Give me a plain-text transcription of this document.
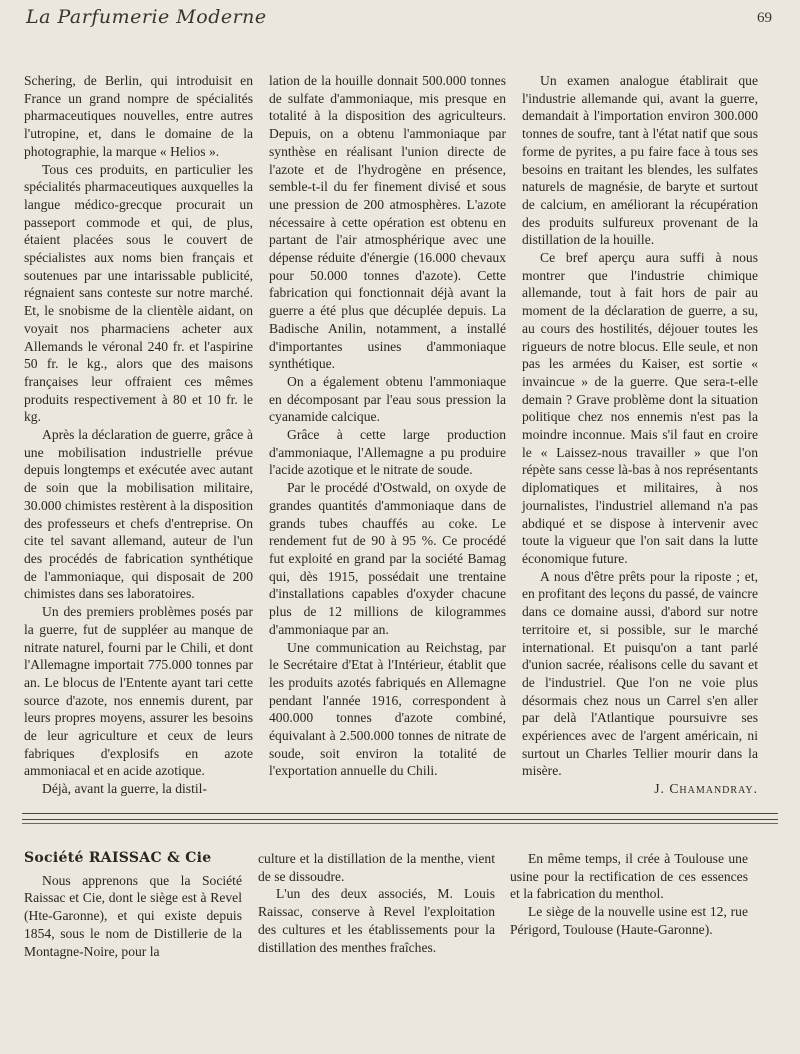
La Parfumerie Moderne	69

Schering, de Berlin, qui introduisit en France un grand nompre de spécialités pharmaceutiques nouvelles, entre autres l'utropine, et, dans le domaine de la photographie, la marque « Helios ».

Tous ces produits, en particulier les spécialités pharmaceutiques auxquelles la langue médico-grecque procurait un passeport commode et qui, de plus, étaient placées sous le couvert de spécialistes aux noms bien français et soutenues par une intarissable publicité, régnaient sans conteste sur notre marché. Et, le snobisme de la clientèle aidant, on voyait nos pharmaciens acheter aux Allemands le véronal 240 fr. et l'aspirine 50 fr. le kg., alors que des maisons françaises leur offraient ces mêmes produits respectivement à 80 et 10 fr. le kg.

Après la déclaration de guerre, grâce à une mobilisation industrielle prévue depuis longtemps et exécutée avec autant de soin que la mobilisation militaire, 30.000 chimistes restèrent à la disposition des professeurs et chefs d'entreprise. On cite tel savant allemand, auteur de l'un des procédés de fabrication synthétique de l'ammoniaque, qui disposait de 200 chimistes dans ses laboratoires.

Un des premiers problèmes posés par la guerre, fut de suppléer au manque de nitrate naturel, fourni par le Chili, et dont l'Allemagne importait 775.000 tonnes par an. Le blocus de l'Entente ayant tari cette source d'azote, nos ennemis durent, par leurs propres moyens, assurer les besoins de leur agriculture et ceux de leurs fabriques d'explosifs en azote ammoniacal et en acide azotique.

Déjà, avant la guerre, la distil-

lation de la houille donnait 500.000 tonnes de sulfate d'ammoniaque, mis presque en totalité à la disposition des agriculteurs. Depuis, on a obtenu l'ammoniaque par synthèse en réalisant l'union directe de l'azote et de l'hydrogène en présence, semble-t-il du fer finement divisé et sous une pression de 200 atmosphères. L'azote nécessaire à cette opération est obtenu en partant de l'air atmosphérique avec une dépense réduite d'énergie (16.000 chevaux pour 50.000 tonnes d'azote). Cette fabrication qui fonctionnait déjà avant la guerre a été plus que décuplée depuis. La Badische Anilin, notamment, a installé d'importantes usines d'ammoniaque synthétique.

On a également obtenu l'ammoniaque en décomposant par l'eau sous pression la cyanamide calcique.

Grâce à cette large production d'ammoniaque, l'Allemagne a pu produire l'acide azotique et le nitrate de soude.

Par le procédé d'Ostwald, on oxyde de grandes quantités d'ammoniaque dans de grands tubes chauffés au coke. Le rendement fut de 90 à 95 %. Ce procédé fut exploité en grand par la société Bamag qui, dès 1915, possédait une trentaine d'installations capables d'oxyder chacune plus de 12 millions de kilogrammes d'ammoniaque par an.

Une communication au Reichstag, par le Secrétaire d'Etat à l'Intérieur, établit que les produits azotés fabriqués en Allemagne pendant l'année 1916, correspondent à 400.000 tonnes d'azote combiné, équivalant à 2.500.000 tonnes de nitrate de soude, soit environ la totalité de l'exportation annuelle du Chili.

Un examen analogue établirait que l'industrie allemande qui, avant la guerre, demandait à l'importation environ 300.000 tonnes de soufre, tant à l'état natif que sous forme de pyrites, a pu faire face à tous ses besoins en traitant les blendes, les sulfates naturels de magnésie, de baryte et surtout de calcium, en améliorant la récupération des produits sulfureux provenant de la distillation de la houille.

Ce bref aperçu aura suffi à nous montrer que l'industrie chimique allemande, tout à fait hors de pair au moment de la déclaration de guerre, a su, au cours des hostilités, déjouer toutes les rigueurs de notre blocus. Elle seule, et non pas les armées du Kaiser, est sortie « invaincue » de la guerre. Que sera-t-elle demain ? Grave problème dont la situation politique chez nos ennemis n'est pas la moindre inconnue. Mais s'il faut en croire le « Laissez-nous travailler » que l'on répète sans cesse là-bas à nos représentants diplomatiques et militaires, à nos journalistes, l'industriel allemand n'a pas abdiqué et se dispose à intervenir avec toute la vigueur que l'on sait dans la lutte économique future.

A nous d'être prêts pour la riposte ; et, en profitant des leçons du passé, de vaincre dans ce domaine aussi, d'abord sur notre territoire et, si possible, sur le marché international. Et puisqu'on a tant parlé d'union sacrée, réalisons celle du savant et de l'industriel. Que l'on ne voie plus désormais chez nous un Carrel s'en aller par delà l'Atlantique poursuivre ses expériences avec de l'argent américain, ni surtout un Charles Tellier mourir dans la misère.

J. Chamandray.

Société RAISSAC & Cie

Nous apprenons que la Société Raissac et Cie, dont le siège est à Revel (Hte-Garonne), et qui existe depuis 1854, sous le nom de Distillerie de la Montagne-Noire, pour la

culture et la distillation de la menthe, vient de se dissoudre.

L'un des deux associés, M. Louis Raissac, conserve à Revel l'exploitation des cultures et les établissements pour la distillation des menthes fraîches.

En même temps, il crée à Toulouse une usine pour la rectification de ces essences et la fabrication du menthol.

Le siège de la nouvelle usine est 12, rue Périgord, Toulouse (Haute-Garonne).
